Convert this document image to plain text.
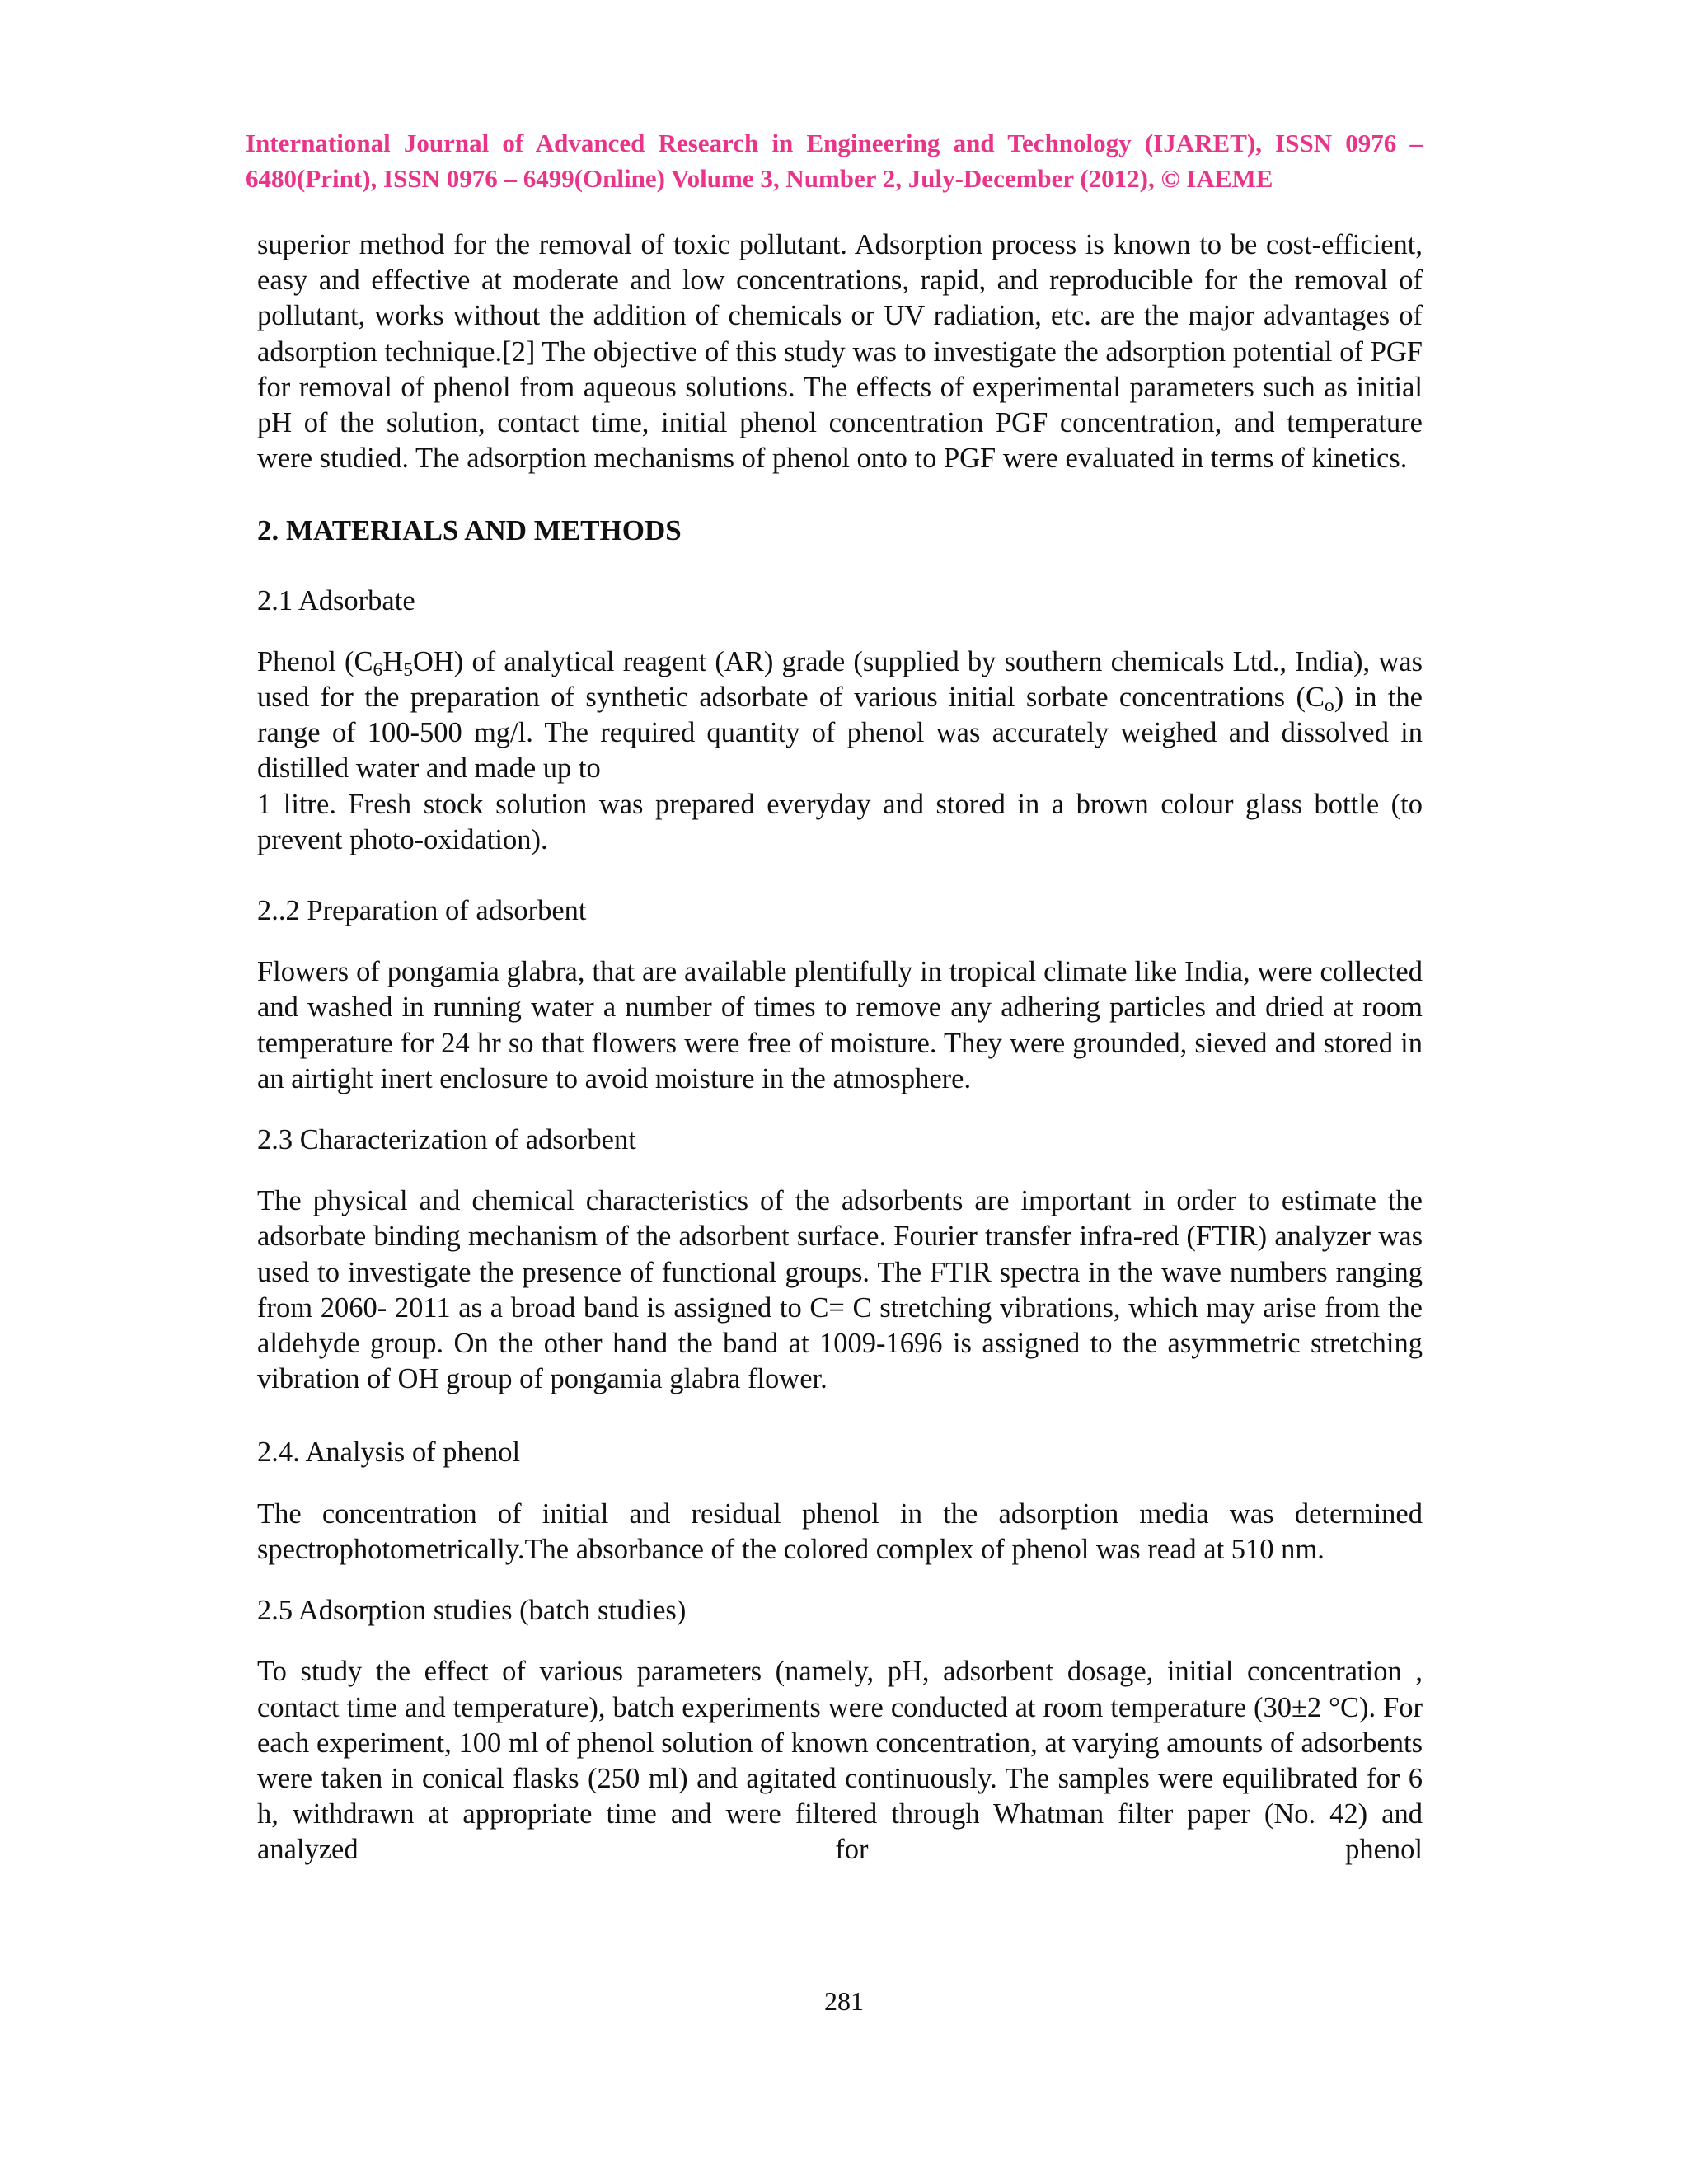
International Journal of Advanced Research in Engineering and Technology (IJARET), ISSN 0976 – 6480(Print), ISSN 0976 – 6499(Online) Volume 3, Number 2, July-December (2012), © IAEME

superior method for the removal of toxic pollutant. Adsorption process is known to be cost-efficient, easy and effective at moderate and low concentrations, rapid, and reproducible for the removal of pollutant, works without the addition of chemicals or UV radiation, etc. are the major advantages of adsorption technique.[2] The objective of this study was to investigate the adsorption potential of PGF for removal of phenol from aqueous solutions. The effects of experimental parameters such as initial pH of the solution, contact time, initial phenol concentration PGF concentration, and temperature were studied. The adsorption mechanisms of phenol onto to PGF were evaluated in terms of kinetics.

2. MATERIALS AND METHODS

2.1 Adsorbate

Phenol $(C_6H_5OH)$ of analytical reagent (AR) grade (supplied by southern chemicals Ltd., India), was used for the preparation of synthetic adsorbate of various initial sorbate concentrations $(C_o)$ in the range of 100-500 mg/l. The required quantity of phenol was accurately weighed and dissolved in distilled water and made up to

1 litre. Fresh stock solution was prepared everyday and stored in a brown colour glass bottle (to prevent photo-oxidation).

2..2 Preparation of adsorbent

Flowers of pongamia glabra, that are available plentifully in tropical climate like India, were collected and washed in running water a number of times to remove any adhering particles and dried at room temperature for 24 hr so that flowers were free of moisture. They were grounded, sieved and stored in an airtight inert enclosure to avoid moisture in the atmosphere.

2.3 Characterization of adsorbent

The physical and chemical characteristics of the adsorbents are important in order to estimate the adsorbate binding mechanism of the adsorbent surface. Fourier transfer infra-red (FTIR) analyzer was used to investigate the presence of functional groups. The FTIR spectra in the wave numbers ranging from 2060- 2011 as a broad band is assigned to C= C stretching vibrations, which may arise from the aldehyde group. On the other hand the band at 1009-1696 is assigned to the asymmetric stretching vibration of OH group of pongamia glabra flower.

2.4. Analysis of phenol

The concentration of initial and residual phenol in the adsorption media was determined spectrophotometrically.The absorbance of the colored complex of phenol was read at 510 nm.

2.5 Adsorption studies (batch studies)

To study the effect of various parameters (namely, pH, adsorbent dosage, initial concentration , contact time and temperature), batch experiments were conducted at room temperature (30±2 °C). For each experiment, 100 ml of phenol solution of known concentration, at varying amounts of adsorbents were taken in conical flasks (250 ml) and agitated continuously. The samples were equilibrated for 6 h, withdrawn at appropriate time and were filtered through Whatman filter paper (No. 42) and analyzed for phenol

281
